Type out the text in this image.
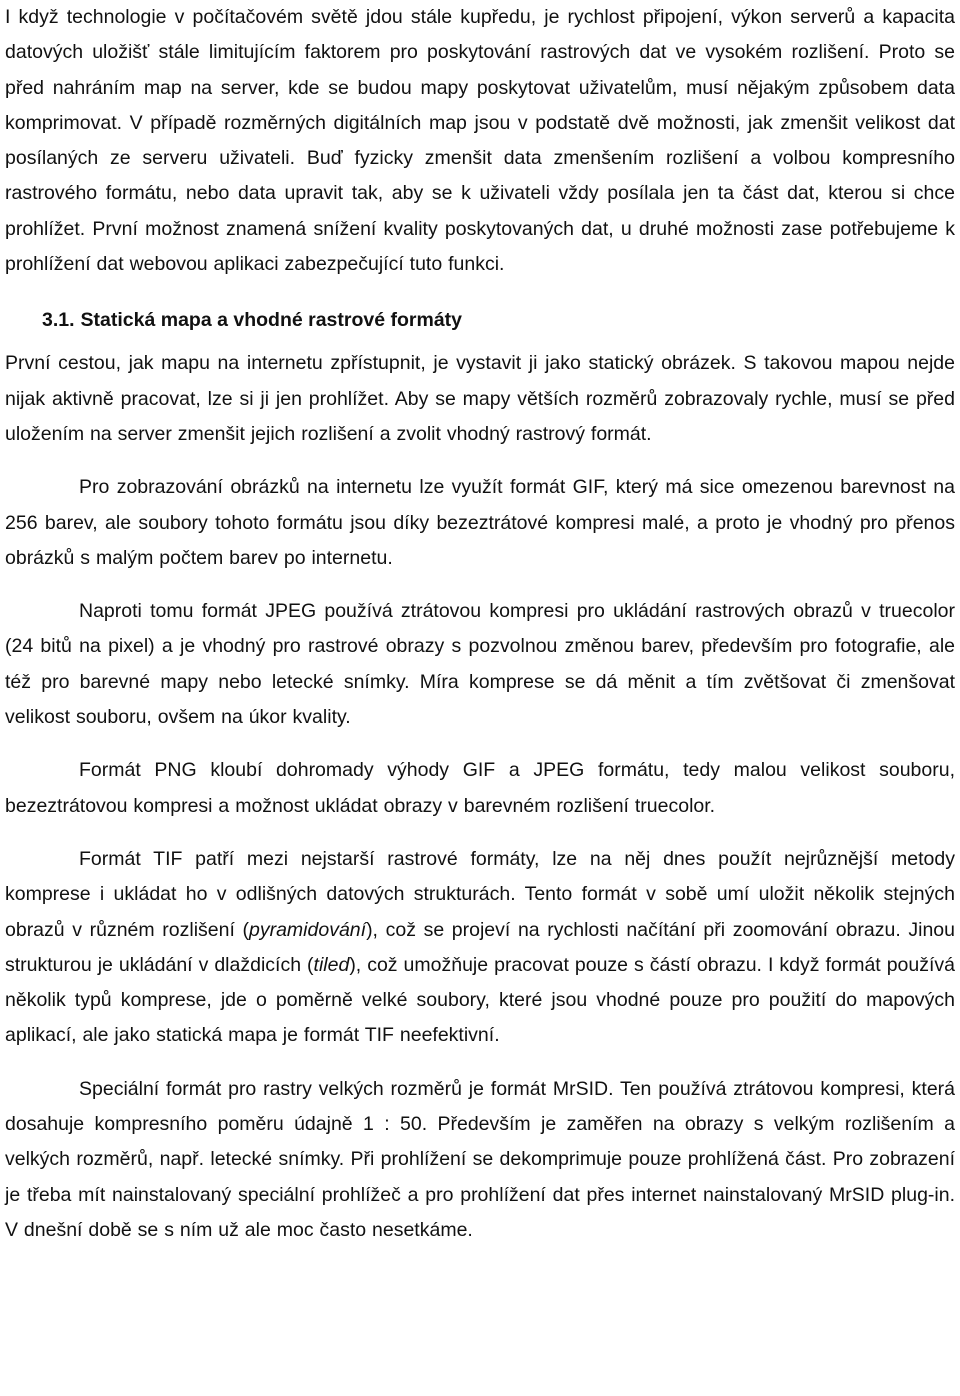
I když technologie v počítačovém světě jdou stále kupředu, je rychlost připojení, výkon serverů a kapacita datových uložišť stále limitujícím faktorem pro poskytování rastrových dat ve vysokém rozlišení. Proto se před nahráním map na server, kde se budou mapy poskytovat uživatelům, musí nějakým způsobem data komprimovat. V případě rozměrných digitálních map jsou v podstatě dvě možnosti, jak zmenšit velikost dat posílaných ze serveru uživateli. Buď fyzicky zmenšit data zmenšením rozlišení a volbou kompresního rastrového formátu, nebo data upravit tak, aby se k uživateli vždy posílala jen ta část dat, kterou si chce prohlížet. První možnost znamená snížení kvality poskytovaných dat, u druhé možnosti zase potřebujeme k prohlížení dat webovou aplikaci zabezpečující tuto funkci.

3.1. Statická mapa a vhodné rastrové formáty

První cestou, jak mapu na internetu zpřístupnit, je vystavit ji jako statický obrázek. S takovou mapou nejde nijak aktivně pracovat, lze si ji jen prohlížet. Aby se mapy větších rozměrů zobrazovaly rychle, musí se před uložením na server zmenšit jejich rozlišení a zvolit vhodný rastrový formát.

Pro zobrazování obrázků na internetu lze využít formát GIF, který má sice omezenou barevnost na 256 barev, ale soubory tohoto formátu jsou díky bezeztrátové kompresi malé, a proto je vhodný pro přenos obrázků s malým počtem barev po internetu.

Naproti tomu formát JPEG používá ztrátovou kompresi pro ukládání rastrových obrazů v truecolor (24 bitů na pixel) a je vhodný pro rastrové obrazy s pozvolnou změnou barev, především pro fotografie, ale též pro barevné mapy nebo letecké snímky. Míra komprese se dá měnit a tím zvětšovat či zmenšovat velikost souboru, ovšem na úkor kvality.

Formát PNG kloubí dohromady výhody GIF a JPEG formátu, tedy malou velikost souboru, bezeztrátovou kompresi a možnost ukládat obrazy v barevném rozlišení truecolor.

Formát TIF patří mezi nejstarší rastrové formáty, lze na něj dnes použít nejrůznější metody komprese i ukládat ho v odlišných datových strukturách. Tento formát v sobě umí uložit několik stejných obrazů v různém rozlišení (pyramidování), což se projeví na rychlosti načítání při zoomování obrazu. Jinou strukturou je ukládání v dlaždicích (tiled), což umožňuje pracovat pouze s částí obrazu. I když formát používá několik typů komprese, jde o poměrně velké soubory, které jsou vhodné pouze pro použití do mapových aplikací, ale jako statická mapa je formát TIF neefektivní.

Speciální formát pro rastry velkých rozměrů je formát MrSID. Ten používá ztrátovou kompresi, která dosahuje kompresního poměru údajně 1 : 50. Především je zaměřen na obrazy s velkým rozlišením a velkých rozměrů, např. letecké snímky. Při prohlížení se dekomprimuje pouze prohlížená část. Pro zobrazení je třeba mít nainstalovaný speciální prohlížeč a pro prohlížení dat přes internet nainstalovaný MrSID plug-in. V dnešní době se s ním už ale moc často nesetkáme.
